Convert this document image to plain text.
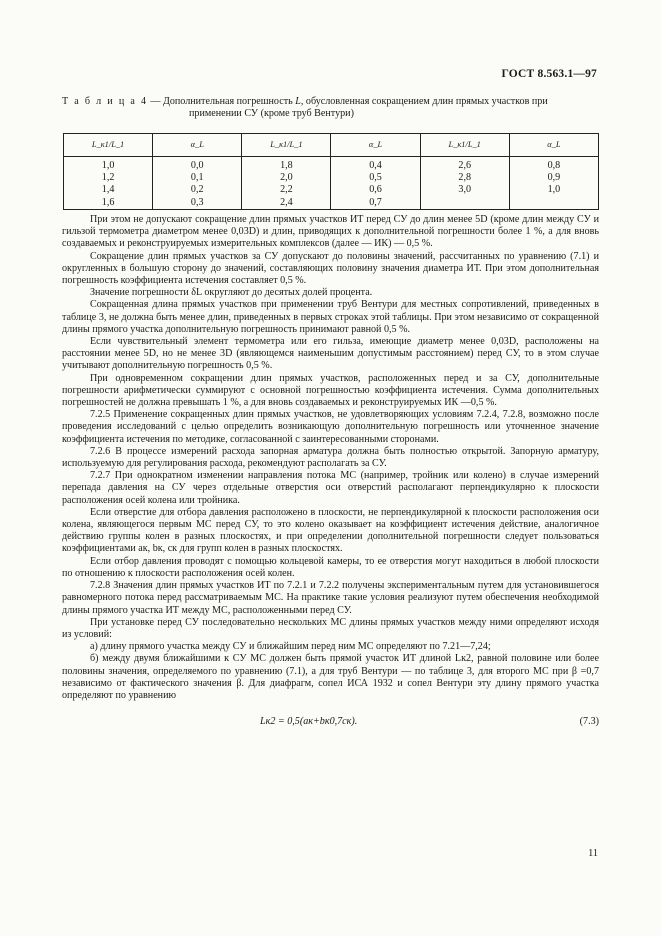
ГОСТ 8.563.1—97
Т а б л и ц а 4 — Дополнительная погрешность L, обусловленная сокращением длин прямых участков при
применении СУ (кроме труб Вентури)
L_к1/L_1	α_L	L_к1/L_1	α_L	L_к1/L_1	α_L
1,0	0,0	1,8	0,4	2,6	0,8
1,2	0,1	2,0	0,5	2,8	0,9
1,4	0,2	2,2	0,6	3,0	1,0
1,6	0,3	2,4	0,7		

При этом не допускают сокращение длин прямых участков ИТ перед СУ до длин менее 5D (кроме длин между СУ и гильзой термометра диаметром менее 0,03D) и длин, приводящих к дополнительной погрешности более 1 %, а для вновь создаваемых и реконструируемых измерительных комплексов (далее — ИК) — 0,5 %.

Сокращение длин прямых участков за СУ допускают до половины значений, рассчитанных по уравнению (7.1) и округленных в большую сторону до значений, составляющих половину значения диаметра ИТ. При этом дополнительная погрешность коэффициента истечения составляет 0,5 %.

Значение погрешности δL округляют до десятых долей процента.

Сокращенная длина прямых участков при применении труб Вентури для местных сопротивлений, приведенных в таблице 3, не должна быть менее длин, приведенных в первых строках этой таблицы. При этом независимо от сокращенной длины прямого участка дополнительную погрешность принимают равной 0,5 %.

Если чувствительный элемент термометра или его гильза, имеющие диаметр менее 0,03D, расположены на расстоянии менее 5D, но не менее 3D (являющемся наименьшим допустимым расстоянием) перед СУ, то в этом случае учитывают дополнительную погрешность 0,5 %.

При одновременном сокращении длин прямых участков, расположенных перед и за СУ, дополнительные погрешности арифметически суммируют с основной погрешностью коэффициента истечения. Сумма дополнительных погрешностей не должна превышать 1 %, а для вновь создаваемых и реконструируемых ИК —0,5 %.

7.2.5 Применение сокращенных длин прямых участков, не удовлетворяющих условиям 7.2.4, 7.2.8, возможно после проведения исследований с целью определить возникающую дополнительную погрешность или уточненное значение коэффициента истечения по методике, согласованной с заинтересованными сторонами.

7.2.6 В процессе измерений расхода запорная арматура должна быть полностью открытой. Запорную арматуру, используемую для регулирования расхода, рекомендуют располагать за СУ.

7.2.7 При однократном изменении направления потока МС (например, тройник или колено) в случае измерений перепада давления на СУ через отдельные отверстия оси отверстий располагают перпендикулярно к плоскости расположения осей колена или тройника.

Если отверстие для отбора давления расположено в плоскости, не перпендикулярной к плоскости расположения оси колена, являющегося первым МС перед СУ, то это колено оказывает на коэффициент истечения действие, аналогичное действию группы колен в разных плоскостях, и при определении дополнительной погрешности следует пользоваться коэффициентами aк, bк, cк для групп колен в разных плоскостях.

Если отбор давления проводят с помощью кольцевой камеры, то ее отверстия могут находиться в любой плоскости по отношению к плоскости расположения осей колен.

7.2.8 Значения длин прямых участков ИТ по 7.2.1 и 7.2.2 получены экспериментальным путем для установившегося равномерного потока перед рассматриваемым МС. На практике такие условия реализуют путем обеспечения необходимой длины прямого участка ИТ между МС, расположенными перед СУ.

При установке перед СУ последовательно нескольких МС длины прямых участков между ними определяют исходя из условий:

а) длину прямого участка между СУ и ближайшим перед ним МС определяют по 7.21—7,24;

б) между двумя ближайшими к СУ МС должен быть прямой участок ИТ длиной Lк2, равной половине или более половины значения, определяемого по уравнению (7.1), а для труб Вентури — по таблице 3, для второго МС при β =0,7 независимо от фактического значения β. Для диафрагм, сопел ИСА 1932 и сопел Вентури эту длину прямого участка определяют по уравнению

Lк2 = 0,5(aк+bк0,7cк).	(7.3)
11
